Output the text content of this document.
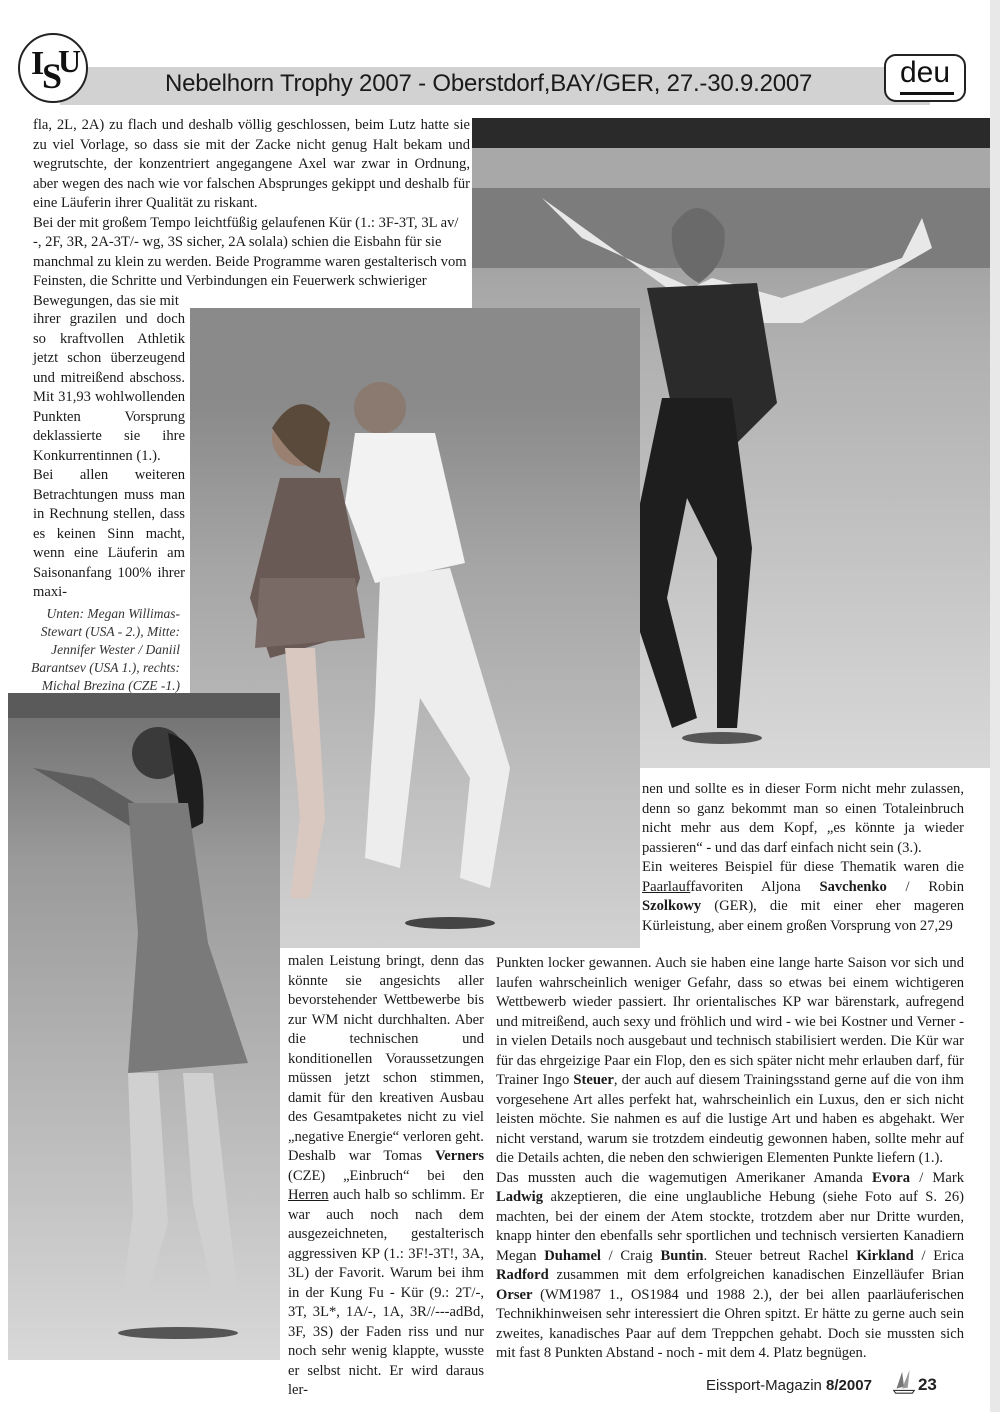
I
S
U
Nebelhorn Trophy 2007 - Oberstdorf,BAY/GER, 27.-30.9.2007	deu

fla, 2L, 2A) zu flach und deshalb völlig geschlossen, beim Lutz hatte sie zu viel Vorlage, so dass sie mit der Zacke nicht genug Halt bekam und wegrutschte, der konzentriert angegangene Axel war zwar in Ordnung, aber wegen des nach wie vor falschen Absprunges gekippt und deshalb für eine Läuferin ihrer Qualität zu riskant.

Bei der mit großem Tempo leichtfüßig gelaufenen Kür (1.: 3F-3T, 3L av/ -, 2F, 3R, 2A-3T/- wg, 3S sicher, 2A solala) schien die Eisbahn für sie manchmal zu klein zu werden. Beide Programme waren gestalterisch vom Feinsten, die Schritte und Verbindungen ein Feuerwerk schwieriger Bewegungen, das sie mit

ihrer grazilen und doch so kraftvollen Athletik jetzt schon überzeugend und mitreißend abschoss. Mit 31,93 wohlwollenden Punkten Vorsprung deklassierte sie ihre Konkurrentinnen (1.).

Bei allen weiteren Betrachtungen muss man in Rechnung stellen, dass es keinen Sinn macht, wenn eine Läuferin am Saisonanfang 100% ihrer maxi-

Unten: Megan Willimas-Stewart (USA - 2.), Mitte: Jennifer Wester / Daniil Barantsev (USA 1.), rechts: Michal Brezina (CZE -1.)

malen Leistung bringt, denn das könnte sie angesichts aller bevorstehender Wettbewerbe bis zur WM nicht durchhalten. Aber die technischen und konditionellen Voraussetzungen müssen jetzt schon stimmen, damit für den kreativen Ausbau des Gesamtpaketes nicht zu viel „negative Energie“ verloren geht.

Deshalb war Tomas Verners (CZE) „Einbruch“ bei den Herren auch halb so schlimm. Er war auch noch nach dem ausgezeichneten, gestalterisch aggressiven KP (1.: 3F!-3T!, 3A, 3L) der Favorit. Warum bei ihm in der Kung Fu - Kür (9.: 2T/-, 3T, 3L*, 1A/-, 1A, 3R//---adBd, 3F, 3S) der Faden riss und nur noch sehr wenig klappte, wusste er selbst nicht. Er wird daraus ler-

nen und sollte es in dieser Form nicht mehr zulassen, denn so ganz bekommt man so einen Totaleinbruch nicht mehr aus dem Kopf, „es könnte ja wieder passieren“ - und das darf einfach nicht sein (3.).

Ein weiteres Beispiel für diese Thematik waren die Paarlauffavoriten Aljona Savchenko / Robin Szolkowy (GER), die mit einer eher mageren Kürleistung, aber einem großen Vorsprung von 27,29

Punkten locker gewannen. Auch sie haben eine lange harte Saison vor sich und laufen wahrscheinlich weniger Gefahr, dass so etwas bei einem wichtigeren Wettbewerb wieder passiert. Ihr orientalisches KP war bärenstark, aufregend und mitreißend, auch sexy und fröhlich und wird - wie bei Kostner und Verner - in vielen Details noch ausgebaut und technisch stabilisiert werden. Die Kür war für das ehrgeizige Paar ein Flop, den es sich später nicht mehr erlauben darf, für Trainer Ingo Steuer, der auch auf diesem Trainingsstand gerne auf die von ihm vorgesehene Art alles perfekt hat, wahrscheinlich ein Luxus, den er sich nicht leisten möchte. Sie nahmen es auf die lustige Art und haben es abgehakt. Wer nicht verstand, warum sie trotzdem eindeutig gewonnen haben, sollte mehr auf die Details achten, die neben den schwierigen Elementen Punkte liefern (1.).

Das mussten auch die wagemutigen Amerikaner Amanda Evora / Mark Ladwig akzeptieren, die eine unglaubliche Hebung (siehe Foto auf S. 26) machten, bei der einem der Atem stockte, trotzdem aber nur Dritte wurden, knapp hinter den ebenfalls sehr sportlichen und technisch versierten Kanadiern Megan Duhamel / Craig Buntin. Steuer betreut Rachel Kirkland / Erica Radford zusammen mit dem erfolgreichen kanadischen Einzelläufer Brian Orser (WM1987 1., OS1984 und 1988 2.), der bei allen paarläuferischen Technikhinweisen sehr interessiert die Ohren spitzt. Er hätte zu gerne auch sein zweites, kanadisches Paar auf dem Treppchen gehabt. Doch sie mussten sich mit fast 8 Punkten Abstand - noch - mit dem 4. Platz begnügen.

Eissport-Magazin 8/2007	23
